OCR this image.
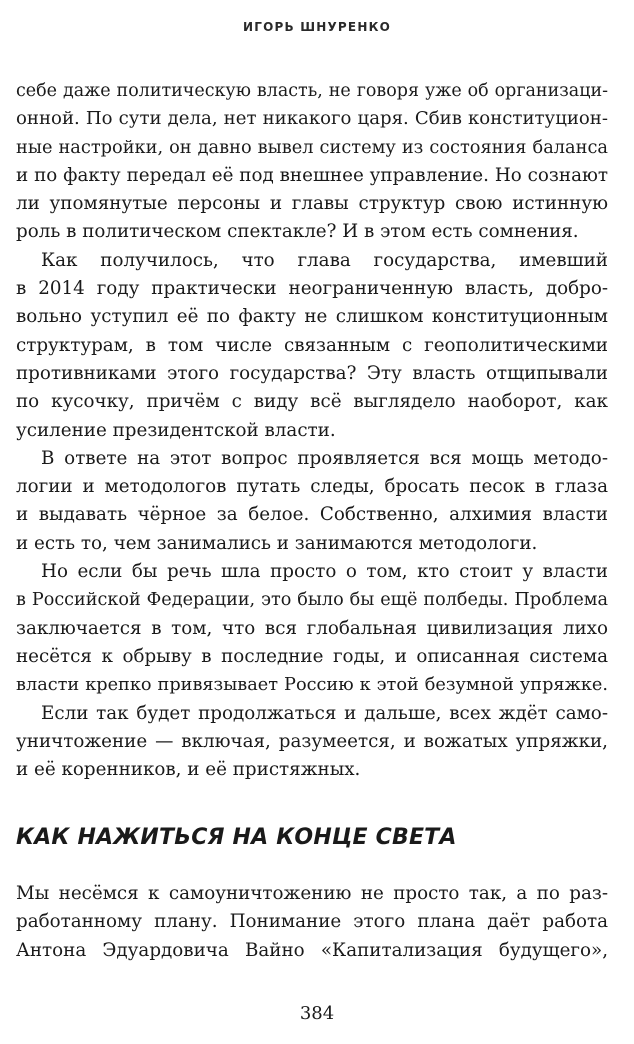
ИГОРЬ ШНУРЕНКО
себе даже политическую власть, не говоря уже об организаци-
онной. По сути дела, нет никакого царя. Сбив конституцион-
ные настройки, он давно вывел систему из состояния баланса
и по факту передал её под внешнее управление. Но сознают
ли упомянутые персоны и главы структур свою истинную
роль в политическом спектакле? И в этом есть сомнения.
Как получилось, что глава государства, имевший
в 2014 году практически неограниченную власть, добро-
вольно уступил её по факту не слишком конституционным
структурам, в том числе связанным с геополитическими
противниками этого государства? Эту власть отщипывали
по кусочку, причём с виду всё выглядело наоборот, как
усиление президентской власти.
В ответе на этот вопрос проявляется вся мощь методо-
логии и методологов путать следы, бросать песок в глаза
и выдавать чёрное за белое. Собственно, алхимия власти
и есть то, чем занимались и занимаются методологи.
Но если бы речь шла просто о том, кто стоит у власти
в Российской Федерации, это было бы ещё полбеды. Проблема
заключается в том, что вся глобальная цивилизация лихо
несётся к обрыву в последние годы, и описанная система
власти крепко привязывает Россию к этой безумной упряжке.
Если так будет продолжаться и дальше, всех ждёт само-
уничтожение — включая, разумеется, и вожатых упряжки,
и её коренников, и её пристяжных.
КАК НАЖИТЬСЯ НА КОНЦЕ СВЕТА
Мы несёмся к самоуничтожению не просто так, а по раз-
работанному плану. Понимание этого плана даёт работа
Антона Эдуардовича Вайно «Капитализация будущего»,
384
